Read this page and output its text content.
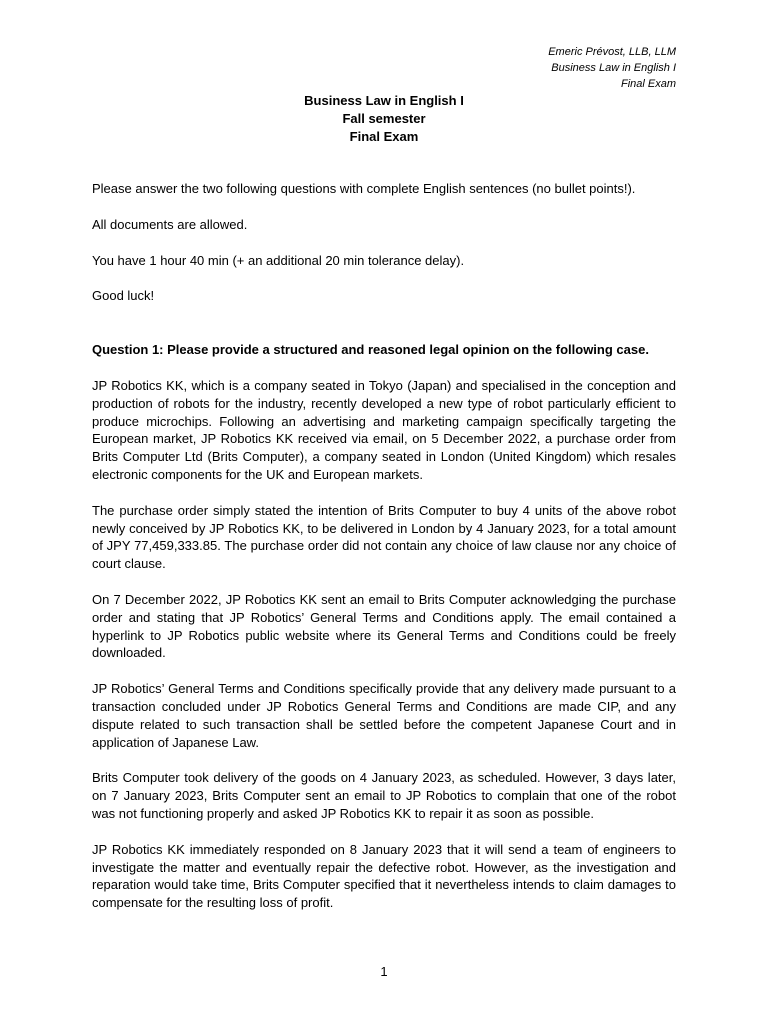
Emeric Prévost, LLB, LLM
Business Law in English I
Final Exam
Business Law in English I
Fall semester
Final Exam

Please answer the two following questions with complete English sentences (no bullet points!).

All documents are allowed.

You have 1 hour 40 min (+ an additional 20 min tolerance delay).

Good luck!

Question 1: Please provide a structured and reasoned legal opinion on the following case.

JP Robotics KK, which is a company seated in Tokyo (Japan) and specialised in the conception and production of robots for the industry, recently developed a new type of robot particularly efficient to produce microchips. Following an advertising and marketing campaign specifically targeting the European market, JP Robotics KK received via email, on 5 December 2022, a purchase order from Brits Computer Ltd (Brits Computer), a company seated in London (United Kingdom) which resales electronic components for the UK and European markets.

The purchase order simply stated the intention of Brits Computer to buy 4 units of the above robot newly conceived by JP Robotics KK, to be delivered in London by 4 January 2023, for a total amount of JPY 77,459,333.85. The purchase order did not contain any choice of law clause nor any choice of court clause.

On 7 December 2022, JP Robotics KK sent an email to Brits Computer acknowledging the purchase order and stating that JP Robotics’ General Terms and Conditions apply. The email contained a hyperlink to JP Robotics public website where its General Terms and Conditions could be freely downloaded.

JP Robotics’ General Terms and Conditions specifically provide that any delivery made pursuant to a transaction concluded under JP Robotics General Terms and Conditions are made CIP, and any dispute related to such transaction shall be settled before the competent Japanese Court and in application of Japanese Law.

Brits Computer took delivery of the goods on 4 January 2023, as scheduled. However, 3 days later, on 7 January 2023, Brits Computer sent an email to JP Robotics to complain that one of the robot was not functioning properly and asked JP Robotics KK to repair it as soon as possible.

JP Robotics KK immediately responded on 8 January 2023 that it will send a team of engineers to investigate the matter and eventually repair the defective robot. However, as the investigation and reparation would take time, Brits Computer specified that it nevertheless intends to claim damages to compensate for the resulting loss of profit.

1
